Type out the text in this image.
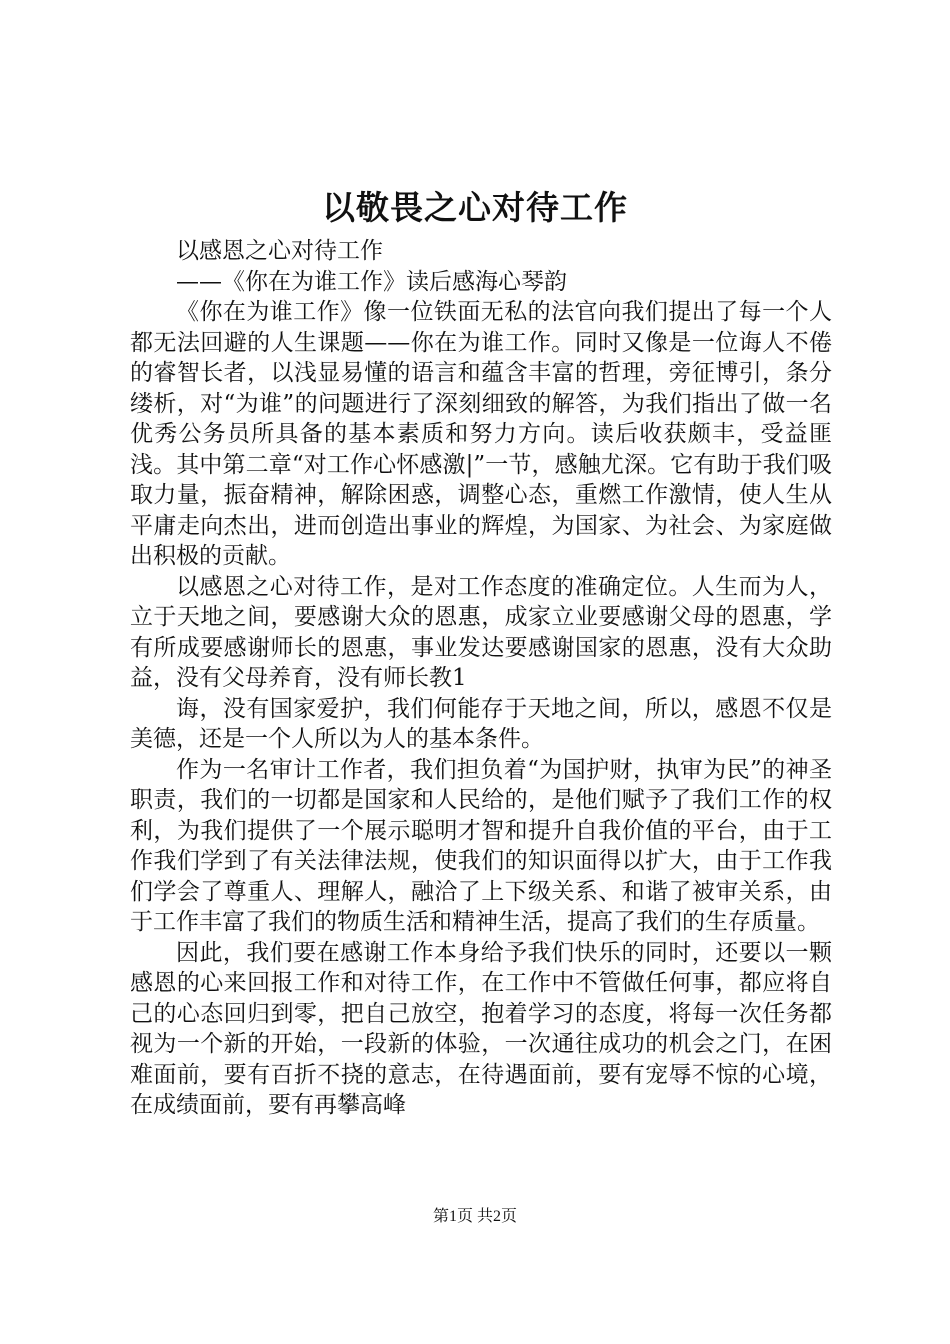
以敬畏之心对待工作

以感恩之心对待工作

——《你在为谁工作》读后感海心琴韵

《你在为谁工作》像一位铁面无私的法官向我们提出了每一个人都无法回避的人生课题——你在为谁工作。同时又像是一位诲人不倦的睿智长者，以浅显易懂的语言和蕴含丰富的哲理，旁征博引，条分缕析，对“为谁”的问题进行了深刻细致的解答，为我们指出了做一名优秀公务员所具备的基本素质和努力方向。读后收获颇丰，受益匪浅。其中第二章“对工作心怀感激|”一节，感触尤深。它有助于我们吸取力量，振奋精神，解除困惑，调整心态，重燃工作激情，使人生从平庸走向杰出，进而创造出事业的辉煌，为国家、为社会、为家庭做出积极的贡献。

以感恩之心对待工作，是对工作态度的准确定位。人生而为人，立于天地之间，要感谢大众的恩惠，成家立业要感谢父母的恩惠，学有所成要感谢师长的恩惠，事业发达要感谢国家的恩惠，没有大众助益，没有父母养育，没有师长教1

诲，没有国家爱护，我们何能存于天地之间，所以，感恩不仅是美德，还是一个人所以为人的基本条件。

作为一名审计工作者，我们担负着“为国护财，执审为民”的神圣职责，我们的一切都是国家和人民给的，是他们赋予了我们工作的权利，为我们提供了一个展示聪明才智和提升自我价值的平台，由于工作我们学到了有关法律法规，使我们的知识面得以扩大，由于工作我们学会了尊重人、理解人，融洽了上下级关系、和谐了被审关系，由于工作丰富了我们的物质生活和精神生活，提高了我们的生存质量。

因此，我们要在感谢工作本身给予我们快乐的同时，还要以一颗感恩的心来回报工作和对待工作，在工作中不管做任何事，都应将自己的心态回归到零，把自己放空，抱着学习的态度，将每一次任务都视为一个新的开始，一段新的体验，一次通往成功的机会之门，在困难面前，要有百折不挠的意志，在待遇面前，要有宠辱不惊的心境，在成绩面前，要有再攀高峰

第1页 共2页
